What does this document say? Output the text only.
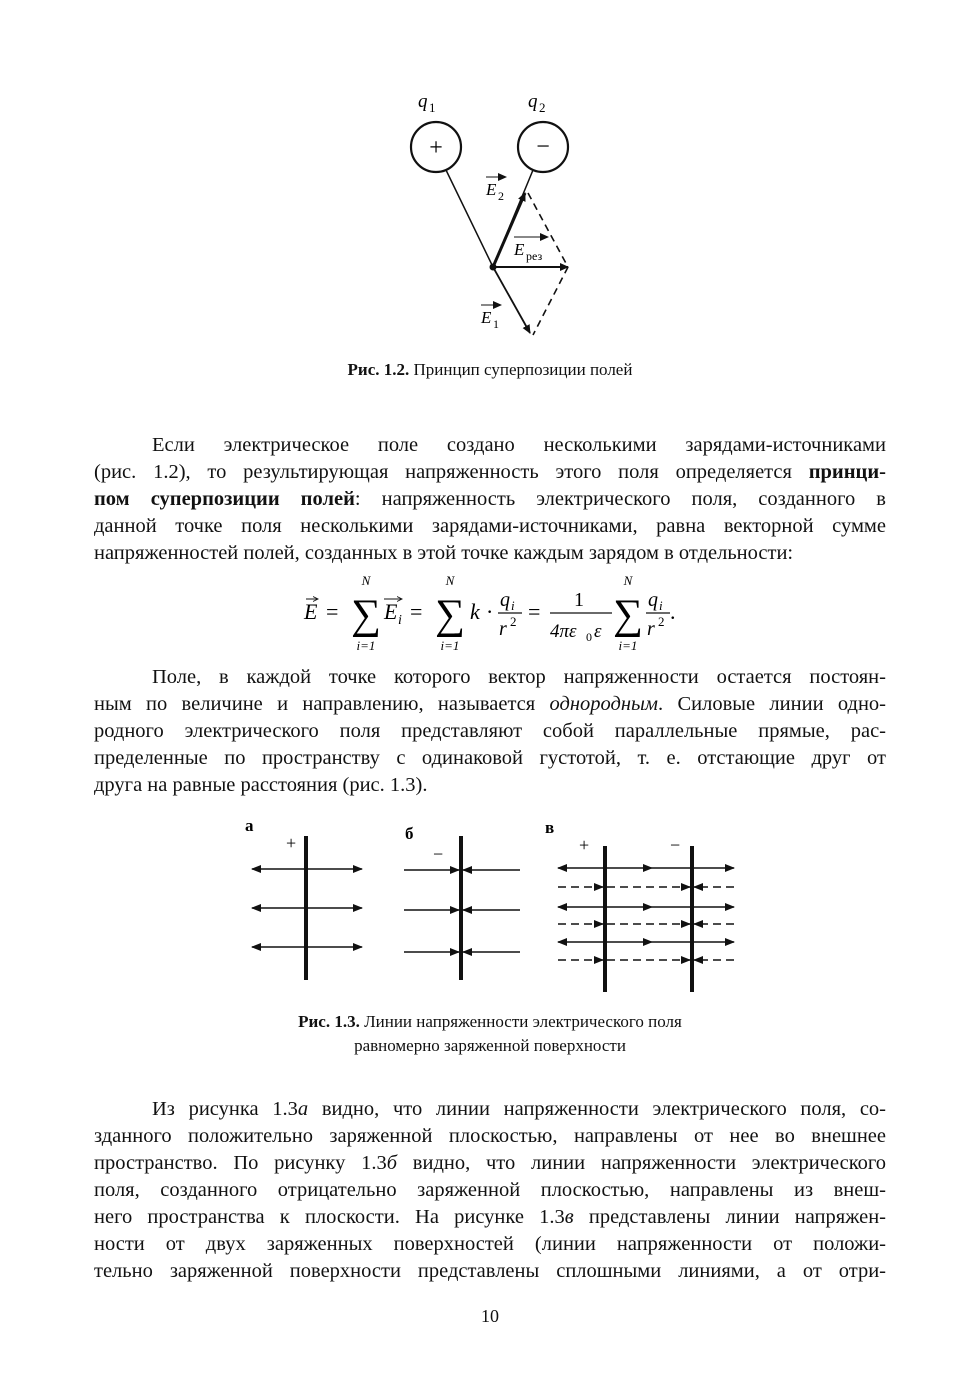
q 1	q 2
+	−
E 2
E рез
E 1
Рис. 1.2. Принцип суперпозиции полей
Если электрическое поле создано несколькими зарядами-источниками
(рис. 1.2), то результирующая напряженность этого поля определяется принци-
пом суперпозиции полей: напряженность электрического поля, созданного в
данной точке поля несколькими зарядами-источниками, равна векторной сумме
напряженностей полей, созданных в этой точке каждым зарядом в отдельности:
E =
N
∑
i=1
E i =
N
∑
i=1
k · q i
r 2 = 1
4πε 0 ε
N
∑
i=1
q i
r 2 .
Поле, в каждой точке которого вектор напряженности остается постоян-
ным по величине и направлению, называется однородным. Силовые линии одно-
родного электрического поля представляют собой параллельные прямые, рас-
пределенные по пространству с одинаковой густотой, т. е. отстающие друг от
друга на равные расстояния (рис. 1.3).
а
+	б
−
в
+	−
Рис. 1.3. Линии напряженности электрического поля
равномерно заряженной поверхности
Из рисунка 1.3а видно, что линии напряженности электрического поля, со-
зданного положительно заряженной плоскостью, направлены от нее во внешнее
пространство. По рисунку 1.3б видно, что линии напряженности электрического
поля, созданного отрицательно заряженной плоскостью, направлены из внеш-
него пространства к плоскости. На рисунке 1.3в представлены линии напряжен-
ности от двух заряженных поверхностей (линии напряженности от положи-
тельно заряженной поверхности представлены сплошными линиями, а от отри-
10
